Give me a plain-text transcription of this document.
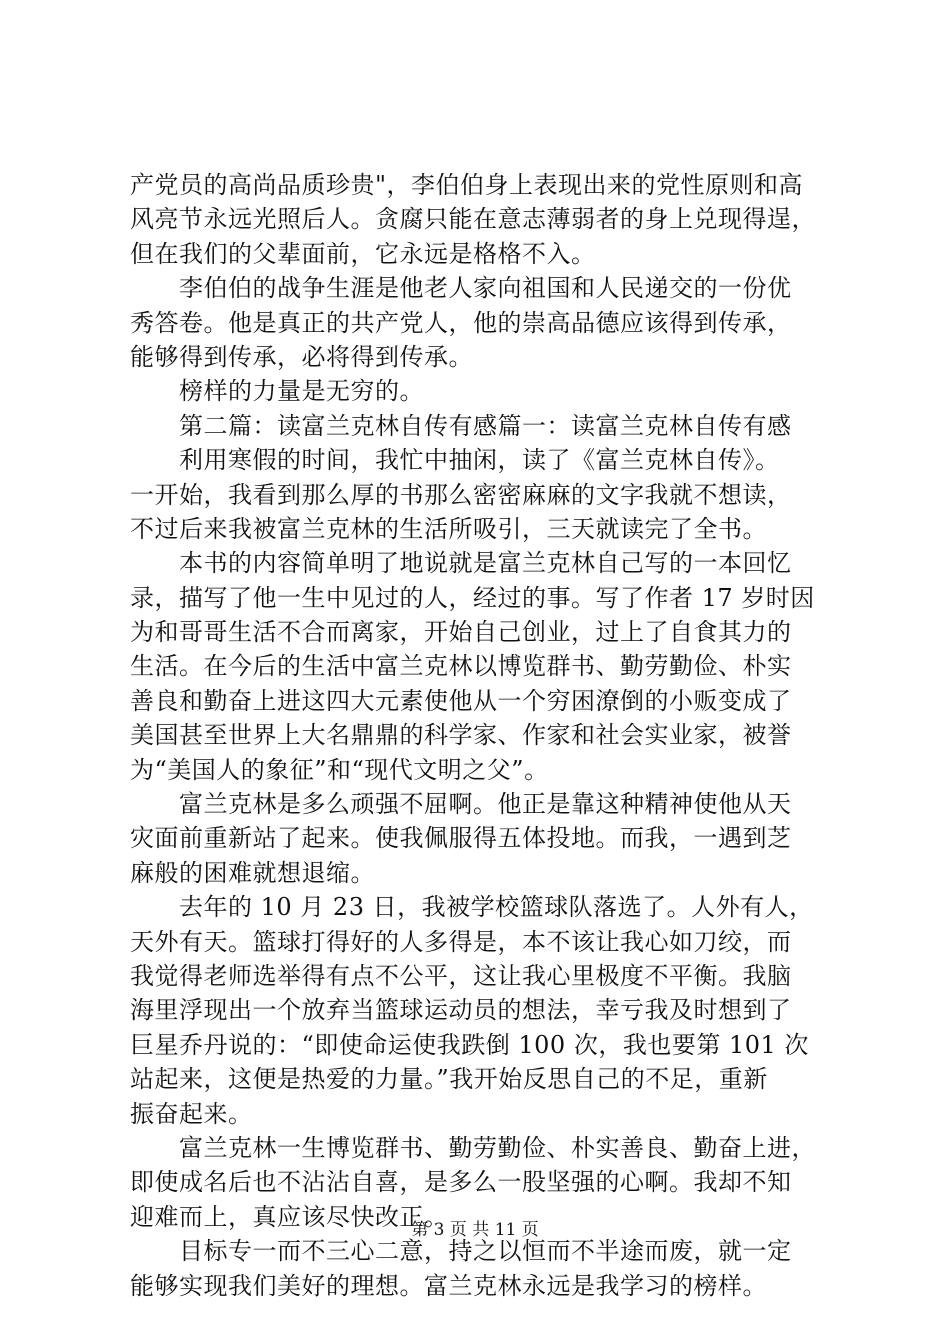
产党员的高尚品质珍贵"，李伯伯身上表现出来的党性原则和高
风亮节永远光照后人。贪腐只能在意志薄弱者的身上兑现得逞，
但在我们的父辈面前，它永远是格格不入。
李伯伯的战争生涯是他老人家向祖国和人民递交的一份优
秀答卷。他是真正的共产党人，他的崇高品德应该得到传承，
能够得到传承，必将得到传承。
榜样的力量是无穷的。
第二篇：读富兰克林自传有感篇一：读富兰克林自传有感
利用寒假的时间，我忙中抽闲，读了《富兰克林自传》。
一开始，我看到那么厚的书那么密密麻麻的文字我就不想读，
不过后来我被富兰克林的生活所吸引，三天就读完了全书。
本书的内容简单明了地说就是富兰克林自己写的一本回忆
录，描写了他一生中见过的人，经过的事。写了作者 17 岁时因
为和哥哥生活不合而离家，开始自己创业，过上了自食其力的
生活。在今后的生活中富兰克林以博览群书、勤劳勤俭、朴实
善良和勤奋上进这四大元素使他从一个穷困潦倒的小贩变成了
美国甚至世界上大名鼎鼎的科学家、作家和社会实业家，被誉
为“美国人的象征”和“现代文明之父”。
富兰克林是多么顽强不屈啊。他正是靠这种精神使他从天
灾面前重新站了起来。使我佩服得五体投地。而我，一遇到芝
麻般的困难就想退缩。
去年的 10 月 23 日，我被学校篮球队落选了。人外有人，
天外有天。篮球打得好的人多得是，本不该让我心如刀绞，而
我觉得老师选举得有点不公平，这让我心里极度不平衡。我脑
海里浮现出一个放弃当篮球运动员的想法，幸亏我及时想到了
巨星乔丹说的：“即使命运使我跌倒 100 次，我也要第 101 次
站起来，这便是热爱的力量。”我开始反思自己的不足，重新
振奋起来。
富兰克林一生博览群书、勤劳勤俭、朴实善良、勤奋上进，
即使成名后也不沾沾自喜，是多么一股坚强的心啊。我却不知
迎难而上，真应该尽快改正。
目标专一而不三心二意，持之以恒而不半途而废，就一定
能够实现我们美好的理想。富兰克林永远是我学习的榜样。
第 3 页 共 11 页
